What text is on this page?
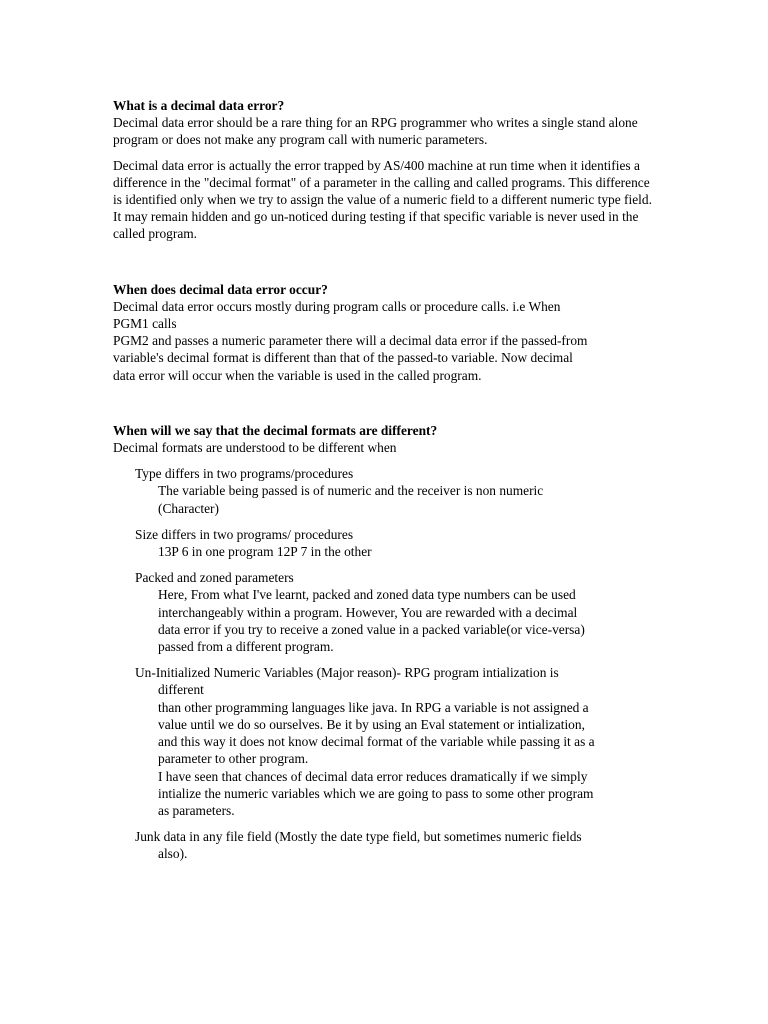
What is a decimal data error?

Decimal data error should be a rare thing for an RPG programmer who writes a single stand alone program or does not make any program call with numeric parameters.

Decimal data error is actually the error trapped by AS/400 machine at run time when it identifies a difference in the "decimal format" of a parameter in the calling and called programs. This difference is identified only when we try to assign the value of a numeric field to a different numeric type field. It may remain hidden and go un-noticed during testing if that specific variable is never used in the called program.

When does decimal data error occur?

Decimal data error occurs mostly during program calls or procedure calls. i.e When
PGM1 calls
PGM2 and passes a numeric parameter there will a decimal data error if the passed-from
variable's decimal format is different than that of the passed-to variable. Now decimal
data error will occur when the variable is used in the called program.

When will we say that the decimal formats are different?

Decimal formats are understood to be different when
Type differs in two programs/procedures
The variable being passed is of numeric and the receiver is non numeric
(Character)
Size differs in two programs/ procedures
13P 6 in one program 12P 7 in the other
Packed and zoned parameters
Here, From what I've learnt, packed and zoned data type numbers can be used
interchangeably within a program. However, You are rewarded with a decimal
data error if you try to receive a zoned value in a packed variable(or vice-versa)
passed from a different program.
Un-Initialized Numeric Variables (Major reason)- RPG program intialization is
different
than other programming languages like java. In RPG a variable is not assigned a
value until we do so ourselves. Be it by using an Eval statement or intialization,
and this way it does not know decimal format of the variable while passing it as a
parameter to other program.
I have seen that chances of decimal data error reduces dramatically if we simply
intialize the numeric variables which we are going to pass to some other program
as parameters.
Junk data in any file field (Mostly the date type field, but sometimes numeric fields
also).
